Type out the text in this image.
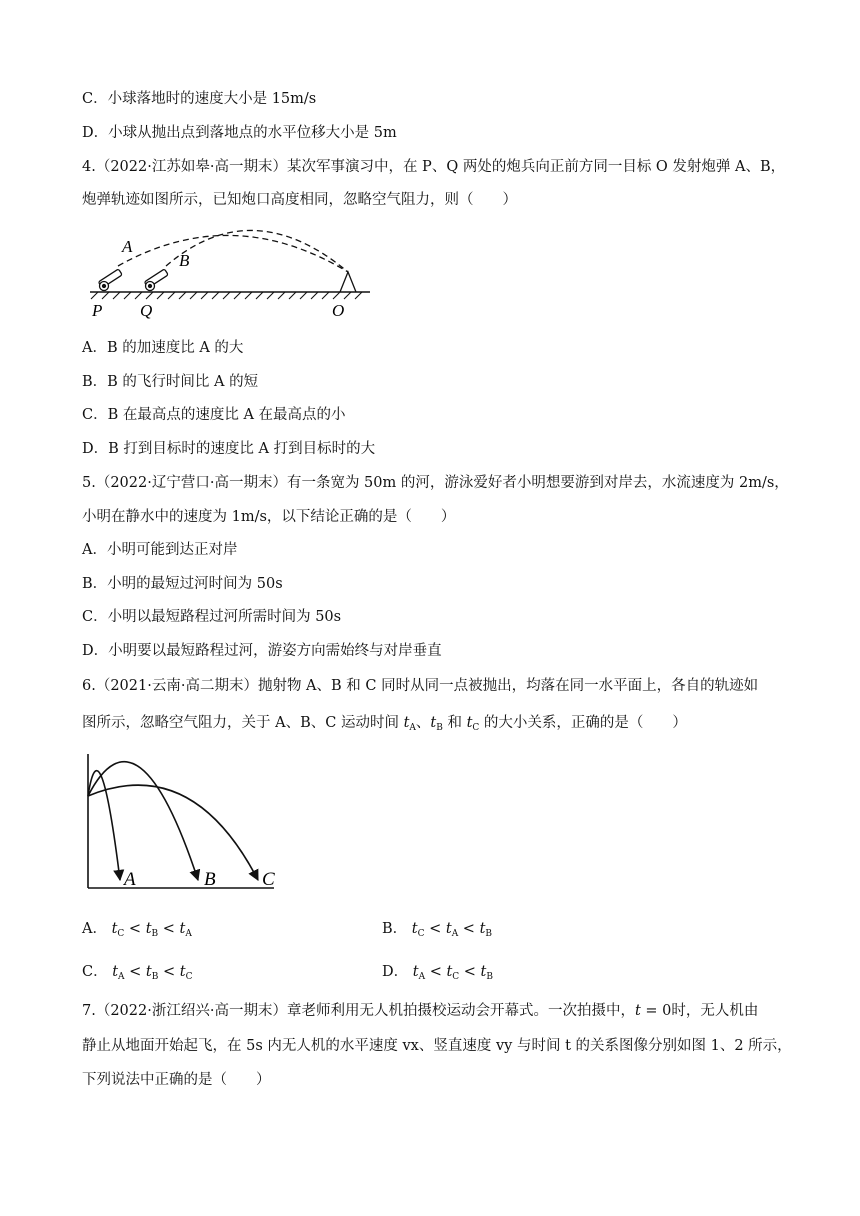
C．小球落地时的速度大小是 15m/s
D．小球从抛出点到落地点的水平位移大小是 5m
4.（2022·江苏如皋·高一期末）某次军事演习中，在 P、Q 两处的炮兵向正前方同一目标 O 发射炮弹 A、B，
炮弹轨迹如图所示，已知炮口高度相同，忽略空气阻力，则（　　）
A
B
P Q	O
A．B 的加速度比 A 的大
B．B 的飞行时间比 A 的短
C．B 在最高点的速度比 A 在最高点的小
D．B 打到目标时的速度比 A 打到目标时的大
5.（2022·辽宁营口·高一期末）有一条宽为 50m 的河，游泳爱好者小明想要游到对岸去，水流速度为 2m/s，
小明在静水中的速度为 1m/s，以下结论正确的是（　　）
A．小明可能到达正对岸
B．小明的最短过河时间为 50s
C．小明以最短路程过河所需时间为 50s
D．小明要以最短路程过河，游姿方向需始终与对岸垂直
6.（2021·云南·高二期末）抛射物 A、B 和 C 同时从同一点被抛出，均落在同一水平面上，各自的轨迹如
图所示，忽略空气阻力，关于 A、B、C 运动时间 $t_A$、$t_B$ 和 $t_C$ 的大小关系，正确的是（　　）
A	B C
A． $t_C < t_B < t_A$	B． $t_C < t_A < t_B$
C． $t_A < t_B < t_C$	D． $t_A < t_C < t_B$
7.（2022·浙江绍兴·高一期末）章老师利用无人机拍摄校运动会开幕式。一次拍摄中，t = 0时，无人机由
静止从地面开始起飞，在 5s 内无人机的水平速度 vx、竖直速度 vy 与时间 t 的关系图像分别如图 1、2 所示，
下列说法中正确的是（　　）
